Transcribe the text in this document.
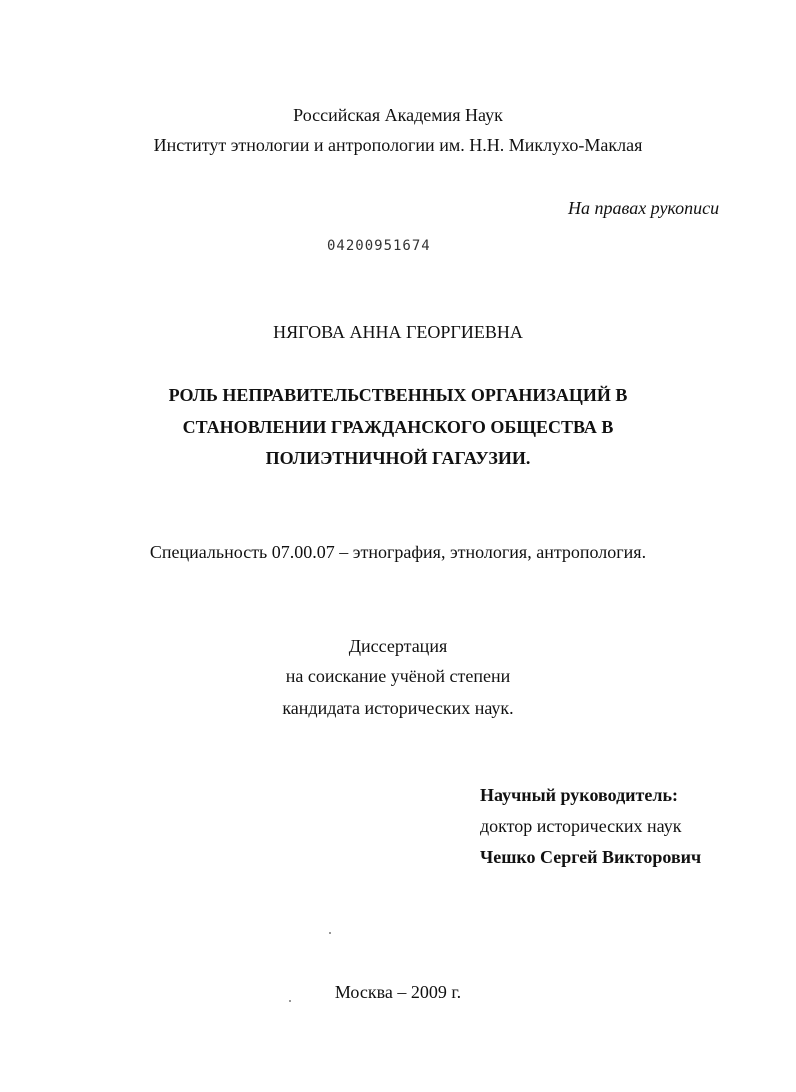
Российская Академия Наук
Институт этнологии и антропологии им. Н.Н. Миклухо-Маклая
На правах рукописи
04200951674
НЯГОВА АННА ГЕОРГИЕВНА
РОЛЬ НЕПРАВИТЕЛЬСТВЕННЫХ ОРГАНИЗАЦИЙ В
СТАНОВЛЕНИИ ГРАЖДАНСКОГО ОБЩЕСТВА В
ПОЛИЭТНИЧНОЙ ГАГАУЗИИ.
Специальность 07.00.07 – этнография, этнология, антропология.
Диссертация
на соискание учёной степени
кандидата исторических наук.
Научный руководитель:
доктор исторических наук
Чешко Сергей Викторович
Москва – 2009 г.
